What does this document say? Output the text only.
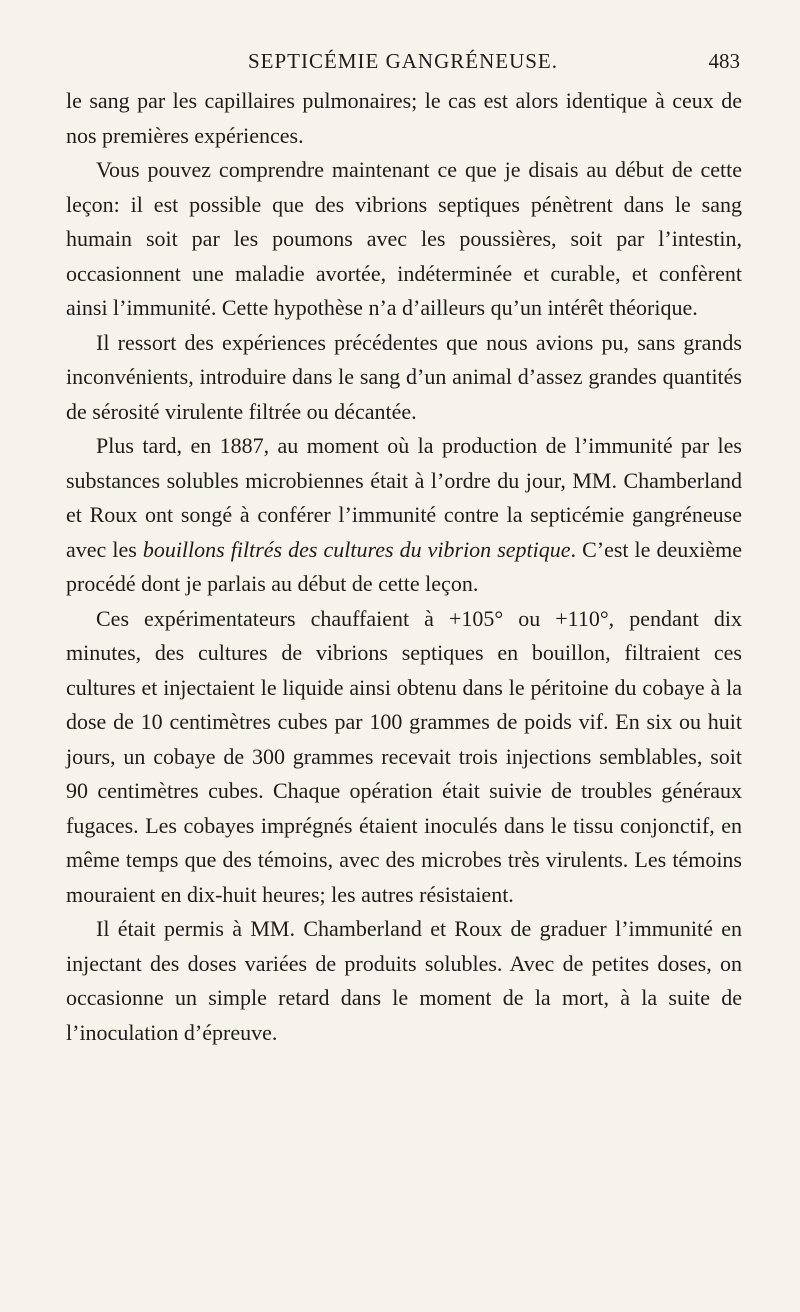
SEPTICÉMIE GANGRÉNEUSE.	483

le sang par les capillaires pulmonaires; le cas est alors identique à ceux de nos premières expériences.

Vous pouvez comprendre maintenant ce que je disais au début de cette leçon: il est possible que des vibrions septiques pénètrent dans le sang humain soit par les poumons avec les poussières, soit par l’intestin, occasionnent une maladie avortée, indéterminée et curable, et confèrent ainsi l’immunité. Cette hypothèse n’a d’ailleurs qu’un intérêt théorique.

Il ressort des expériences précédentes que nous avions pu, sans grands inconvénients, introduire dans le sang d’un animal d’assez grandes quantités de sérosité virulente filtrée ou décantée.

Plus tard, en 1887, au moment où la production de l’immunité par les substances solubles microbiennes était à l’ordre du jour, MM. Chamberland et Roux ont songé à conférer l’immunité contre la septicémie gangréneuse avec les bouillons filtrés des cultures du vibrion septique. C’est le deuxième procédé dont je parlais au début de cette leçon.

Ces expérimentateurs chauffaient à +105° ou +110°, pendant dix minutes, des cultures de vibrions septiques en bouillon, filtraient ces cultures et injectaient le liquide ainsi obtenu dans le péritoine du cobaye à la dose de 10 centimètres cubes par 100 grammes de poids vif. En six ou huit jours, un cobaye de 300 grammes recevait trois injections semblables, soit 90 centimètres cubes. Chaque opération était suivie de troubles généraux fugaces. Les cobayes imprégnés étaient inoculés dans le tissu conjonctif, en même temps que des témoins, avec des microbes très virulents. Les témoins mouraient en dix-huit heures; les autres résistaient.

Il était permis à MM. Chamberland et Roux de graduer l’immunité en injectant des doses variées de produits solubles. Avec de petites doses, on occasionne un simple retard dans le moment de la mort, à la suite de l’inoculation d’épreuve.
